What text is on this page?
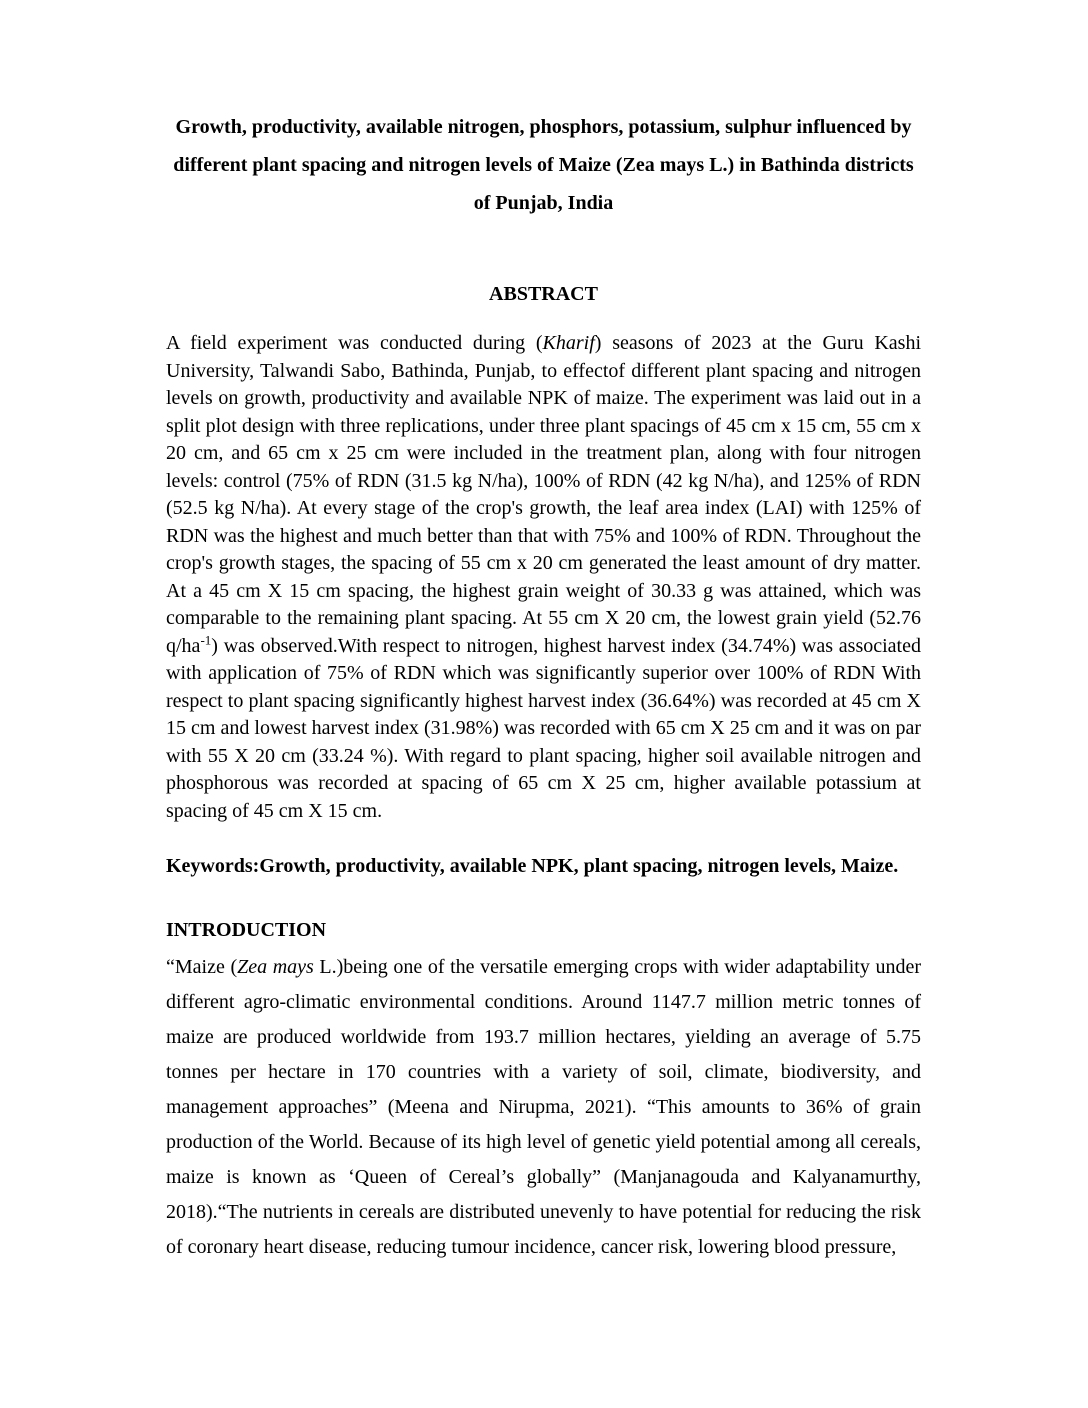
Growth, productivity, available nitrogen, phosphors, potassium, sulphur influenced by different plant spacing and nitrogen levels of Maize (Zea mays L.) in Bathinda districts of Punjab, India
ABSTRACT

A field experiment was conducted during (Kharif) seasons of 2023 at the Guru Kashi University, Talwandi Sabo, Bathinda, Punjab, to effectof different plant spacing and nitrogen levels on growth, productivity and available NPK of maize. The experiment was laid out in a split plot design with three replications, under three plant spacings of 45 cm x 15 cm, 55 cm x 20 cm, and 65 cm x 25 cm were included in the treatment plan, along with four nitrogen levels: control (75% of RDN (31.5 kg N/ha), 100% of RDN (42 kg N/ha), and 125% of RDN (52.5 kg N/ha). At every stage of the crop's growth, the leaf area index (LAI) with 125% of RDN was the highest and much better than that with 75% and 100% of RDN. Throughout the crop's growth stages, the spacing of 55 cm x 20 cm generated the least amount of dry matter. At a 45 cm X 15 cm spacing, the highest grain weight of 30.33 g was attained, which was comparable to the remaining plant spacing. At 55 cm X 20 cm, the lowest grain yield (52.76 $q/ha^{-1}$) was observed.With respect to nitrogen, highest harvest index (34.74%) was associated with application of 75% of RDN which was significantly superior over 100% of RDN With respect to plant spacing significantly highest harvest index (36.64%) was recorded at 45 cm X 15 cm and lowest harvest index (31.98%) was recorded with 65 cm X 25 cm and it was on par with 55 X 20 cm (33.24 %). With regard to plant spacing, higher soil available nitrogen and phosphorous was recorded at spacing of 65 cm X 25 cm, higher available potassium at spacing of 45 cm X 15 cm.

Keywords:Growth, productivity, available NPK, plant spacing, nitrogen levels, Maize.

INTRODUCTION

“Maize (Zea mays L.)being one of the versatile emerging crops with wider adaptability under different agro-climatic environmental conditions. Around 1147.7 million metric tonnes of maize are produced worldwide from 193.7 million hectares, yielding an average of 5.75 tonnes per hectare in 170 countries with a variety of soil, climate, biodiversity, and management approaches” (Meena and Nirupma, 2021). “This amounts to 36% of grain production of the World. Because of its high level of genetic yield potential among all cereals, maize is known as ‘Queen of Cereal’s globally” (Manjanagouda and Kalyanamurthy, 2018).“The nutrients in cereals are distributed unevenly to have potential for reducing the risk of coronary heart disease, reducing tumour incidence, cancer risk, lowering blood pressure,
